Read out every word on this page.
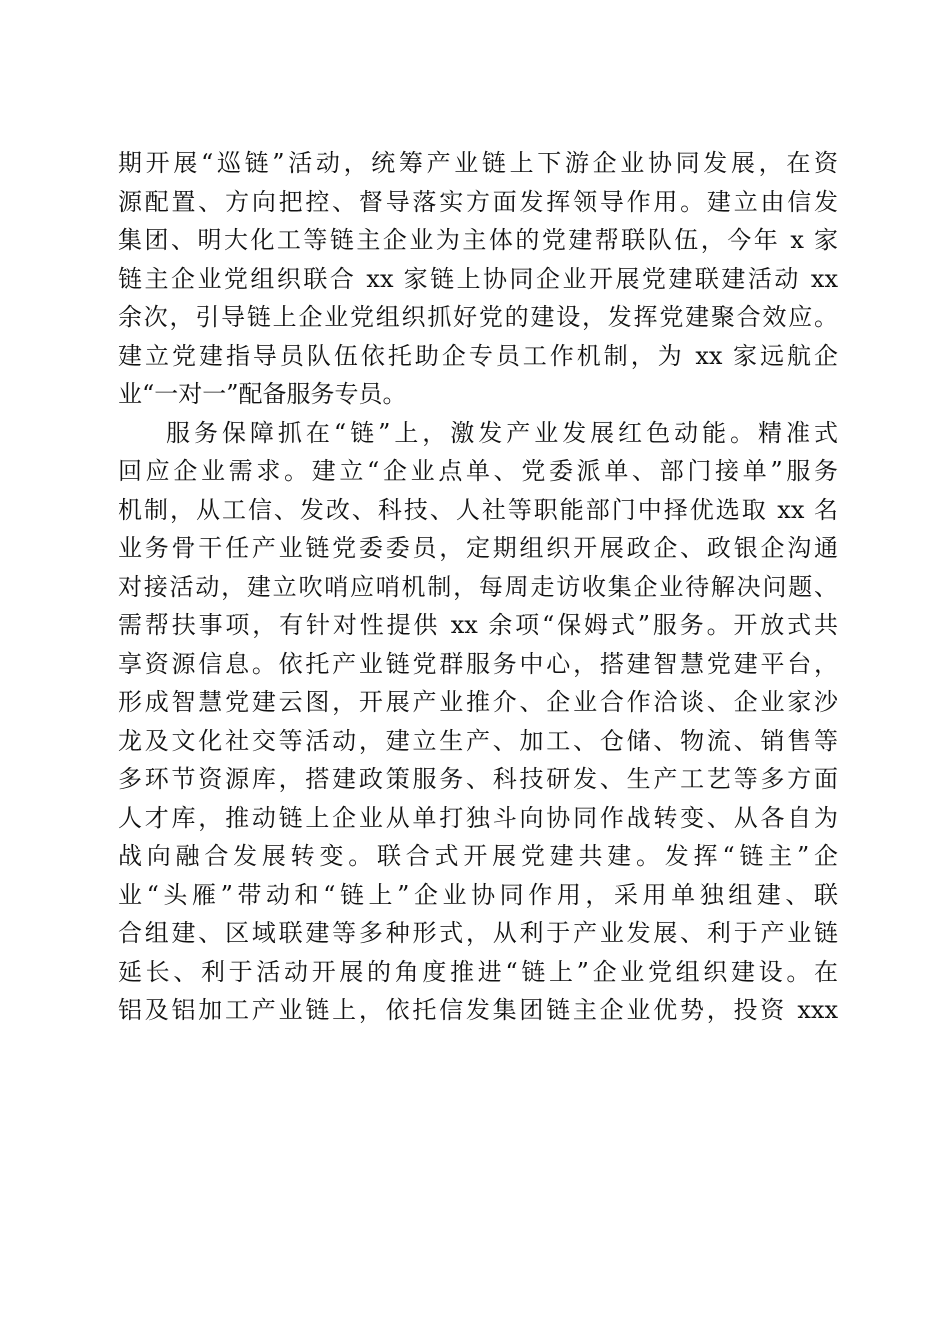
期开展“巡链”活动，统筹产业链上下游企业协同发展，在资
源配置、方向把控、督导落实方面发挥领导作用。建立由信发
集团、明大化工等链主企业为主体的党建帮联队伍，今年 x 家
链主企业党组织联合 xx 家链上协同企业开展党建联建活动 xx
余次，引导链上企业党组织抓好党的建设，发挥党建聚合效应。
建立党建指导员队伍依托助企专员工作机制，为 xx 家远航企
业“一对一”配备服务专员。
服务保障抓在“链”上，激发产业发展红色动能。精准式
回应企业需求。建立“企业点单、党委派单、部门接单”服务
机制，从工信、发改、科技、人社等职能部门中择优选取 xx 名
业务骨干任产业链党委委员，定期组织开展政企、政银企沟通
对接活动，建立吹哨应哨机制，每周走访收集企业待解决问题、
需帮扶事项，有针对性提供 xx 余项“保姆式”服务。开放式共
享资源信息。依托产业链党群服务中心，搭建智慧党建平台，
形成智慧党建云图，开展产业推介、企业合作洽谈、企业家沙
龙及文化社交等活动，建立生产、加工、仓储、物流、销售等
多环节资源库，搭建政策服务、科技研发、生产工艺等多方面
人才库，推动链上企业从单打独斗向协同作战转变、从各自为
战向融合发展转变。联合式开展党建共建。发挥“链主”企
业“头雁”带动和“链上”企业协同作用，采用单独组建、联
合组建、区域联建等多种形式，从利于产业发展、利于产业链
延长、利于活动开展的角度推进“链上”企业党组织建设。在
铝及铝加工产业链上，依托信发集团链主企业优势，投资 xxx
